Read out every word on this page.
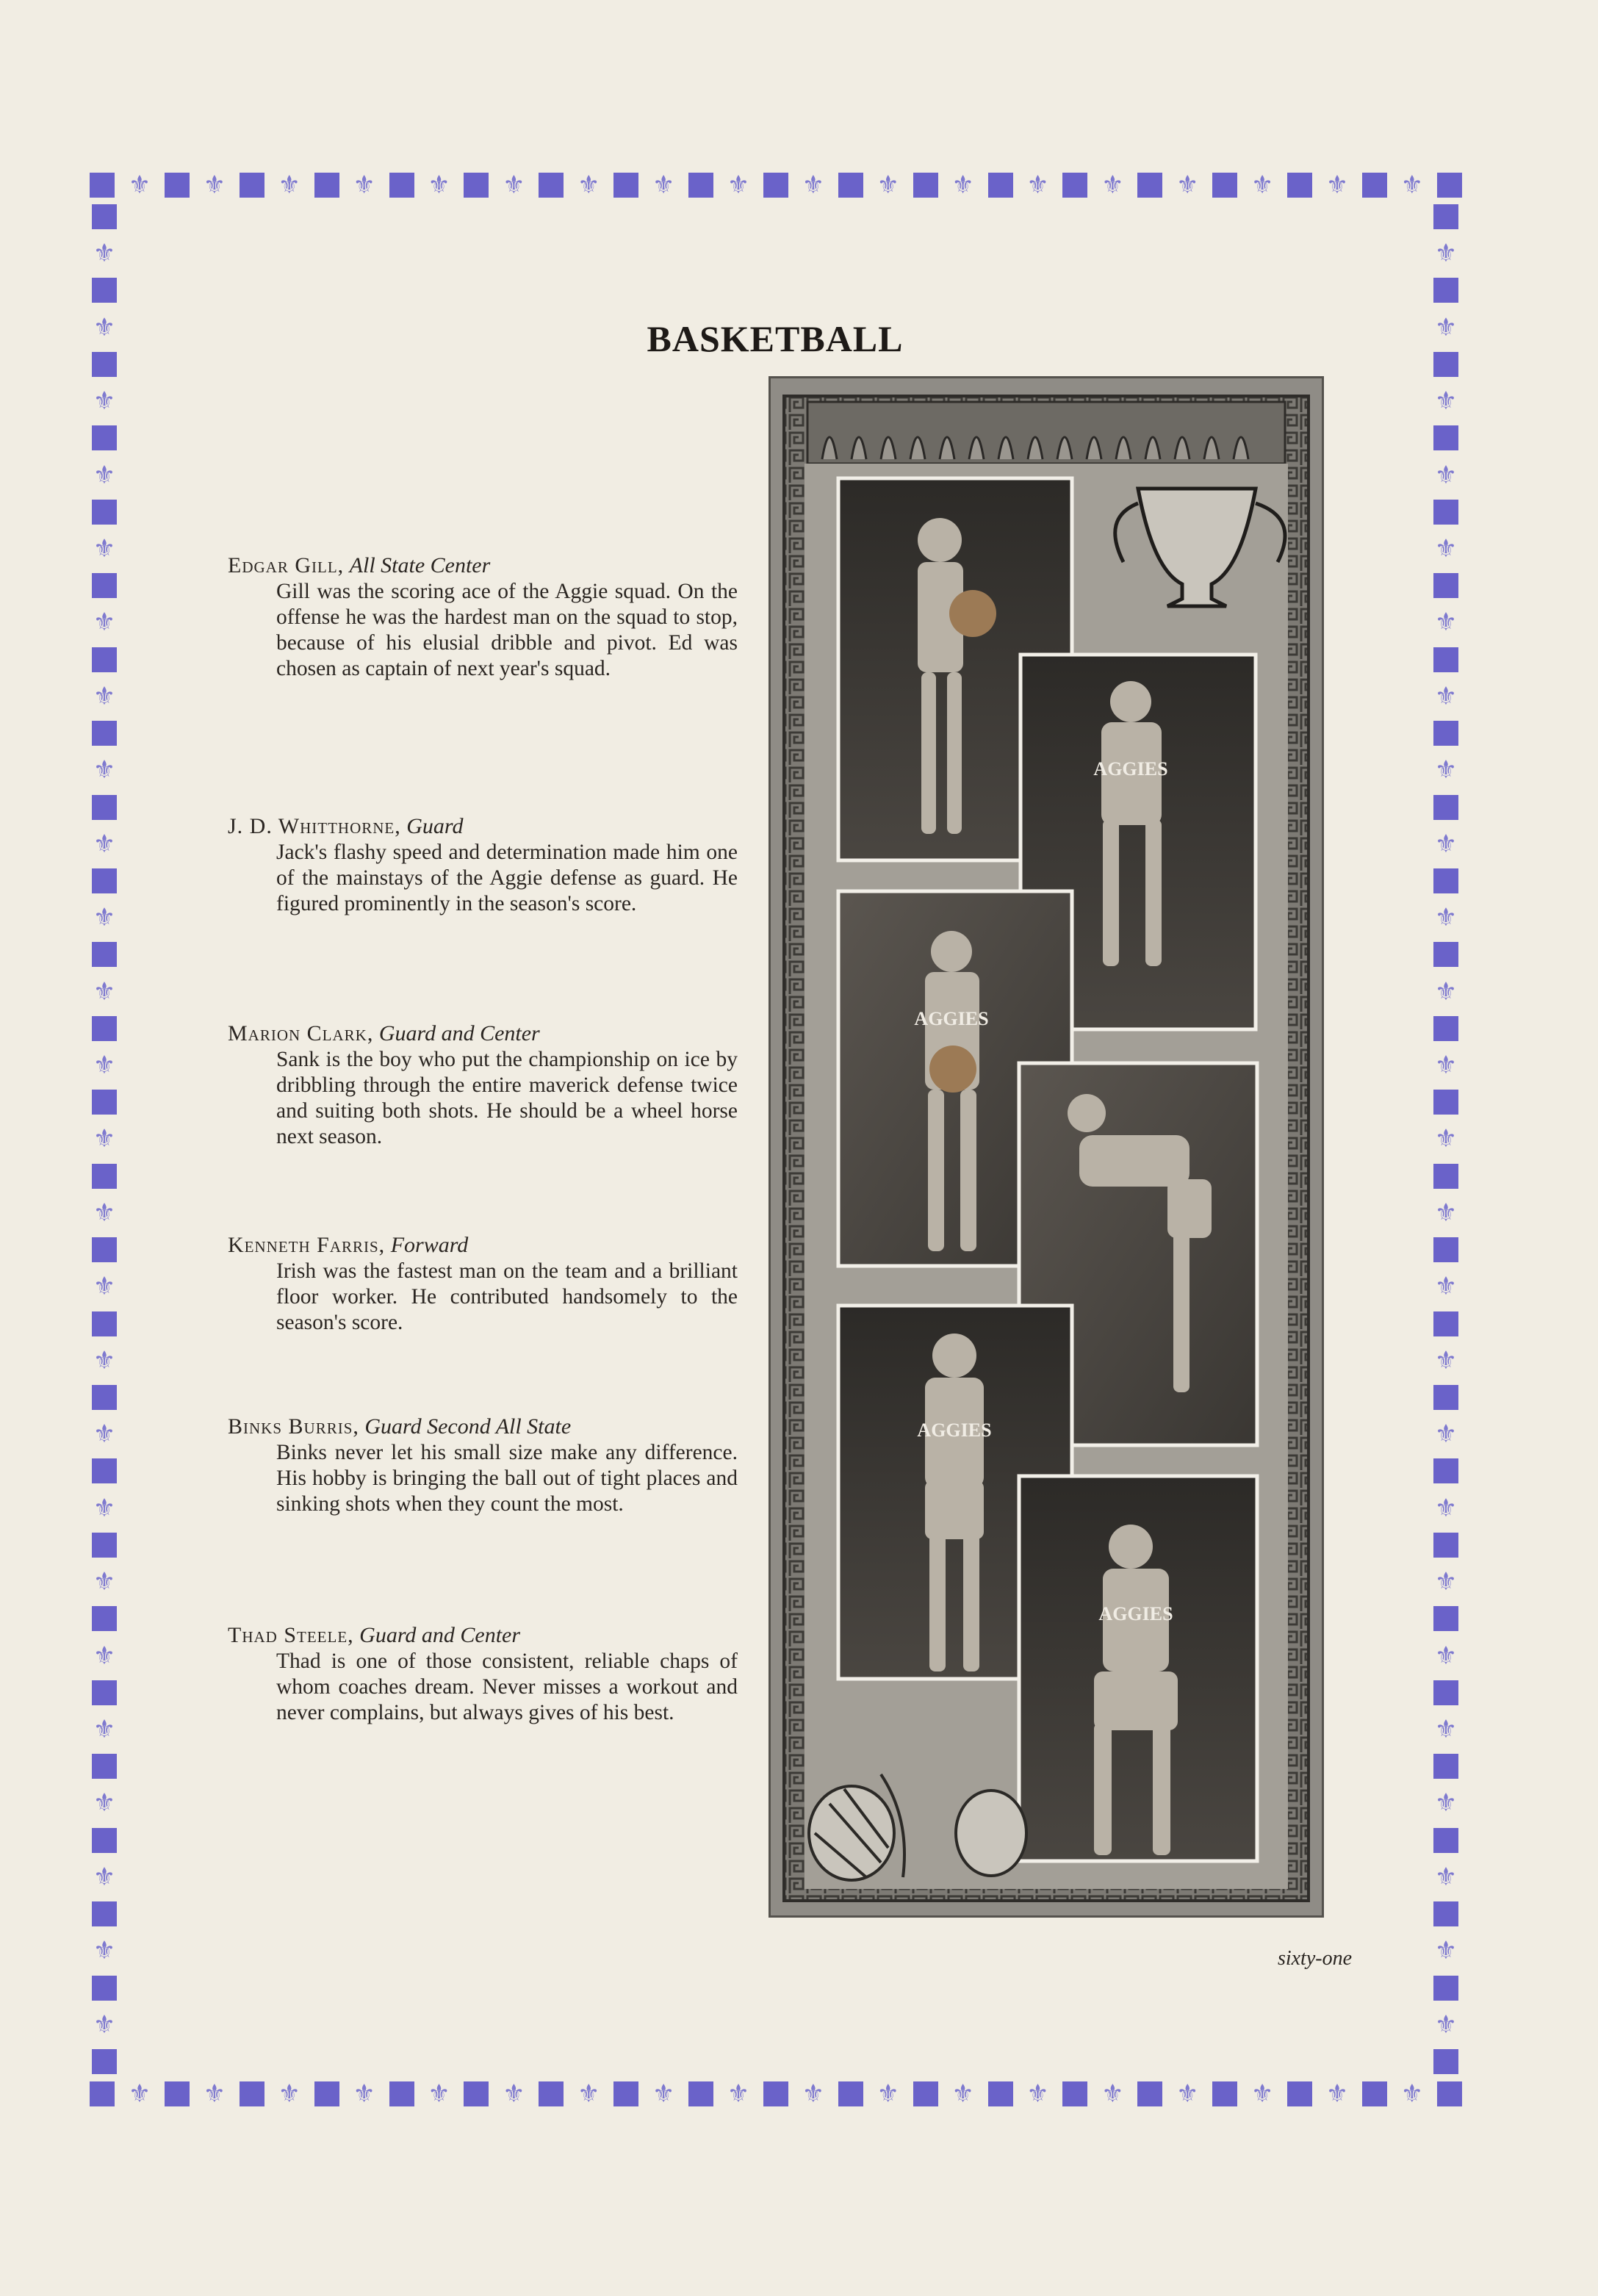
⚜ ⚜ ⚜ ⚜ ⚜ ⚜ ⚜ ⚜ ⚜ ⚜ ⚜ ⚜ ⚜ ⚜ ⚜ ⚜ ⚜ ⚜
⚜ ⚜ ⚜ ⚜ ⚜ ⚜ ⚜ ⚜ ⚜ ⚜ ⚜ ⚜ ⚜ ⚜ ⚜ ⚜ ⚜ ⚜
⚜
⚜
⚜
⚜
⚜
⚜
⚜
⚜
⚜
⚜
⚜
⚜
⚜
⚜
⚜
⚜
⚜
⚜
⚜
⚜
⚜
⚜
⚜
⚜
⚜
⚜
⚜
⚜
⚜
⚜
⚜
⚜
⚜
⚜
⚜
⚜
⚜
⚜
⚜
⚜
⚜
⚜
⚜
⚜
⚜
⚜
⚜
⚜
⚜
⚜
BASKETBALL
Edgar Gill, All State Center
Gill was the scoring ace of the Aggie squad. On the offense he was the hardest man on the squad to stop, because of his elusial dribble and pivot. Ed was chosen as captain of next year's squad.
J. D. Whitthorne, Guard
Jack's flashy speed and determination made him one of the mainstays of the Aggie defense as guard. He figured prominently in the season's score.
Marion Clark, Guard and Center
Sank is the boy who put the championship on ice by dribbling through the entire maverick defense twice and suiting both shots. He should be a wheel horse next season.
Kenneth Farris, Forward
Irish was the fastest man on the team and a brilliant floor worker. He contributed handsomely to the season's score.
Binks Burris, Guard Second All State
Binks never let his small size make any difference. His hobby is bringing the ball out of tight places and sinking shots when they count the most.
Thad Steele, Guard and Center
Thad is one of those consistent, reliable chaps of whom coaches dream. Never misses a workout and never complains, but always gives of his best.
AGGIES
AGGIES
AGGIES
AGGIES
sixty-one
